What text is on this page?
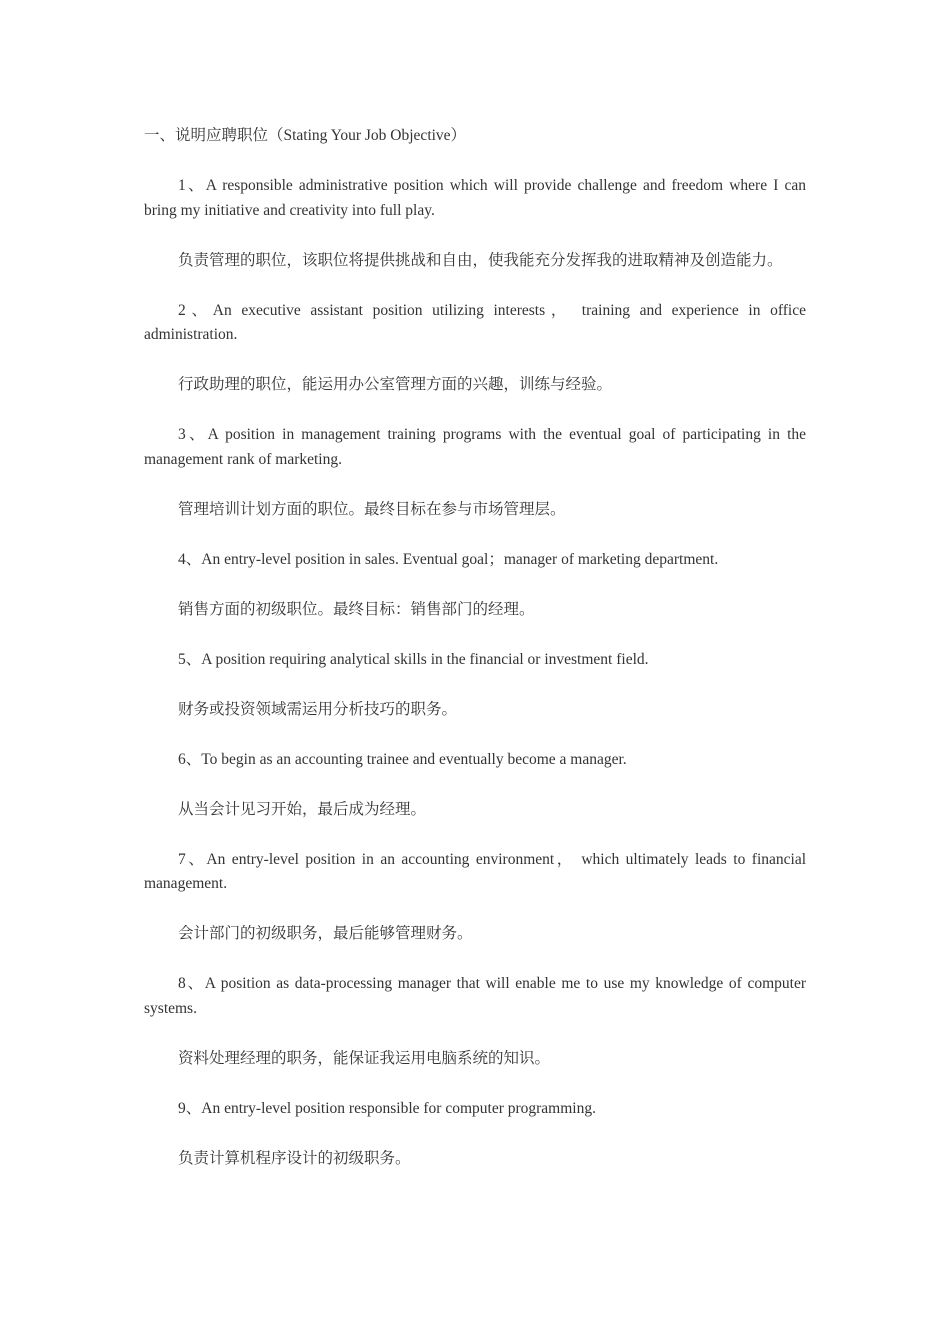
一、说明应聘职位（Stating Your Job Objective）

1、A responsible administrative position which will provide challenge and freedom where I can bring my initiative and creativity into full play.

负责管理的职位，该职位将提供挑战和自由，使我能充分发挥我的进取精神及创造能力。

2、An executive assistant position utilizing interests， training and experience in office administration.

行政助理的职位，能运用办公室管理方面的兴趣，训练与经验。

3、A position in management training programs with the eventual goal of participating in the management rank of marketing.

管理培训计划方面的职位。最终目标在参与市场管理层。

4、An entry-level position in sales. Eventual goal；manager of marketing department.

销售方面的初级职位。最终目标：销售部门的经理。

5、A position requiring analytical skills in the financial or investment field.

财务或投资领域需运用分析技巧的职务。

6、To begin as an accounting trainee and eventually become a manager.

从当会计见习开始，最后成为经理。

7、An entry-level position in an accounting environment， which ultimately leads to financial management.

会计部门的初级职务，最后能够管理财务。

8、A position as data-processing manager that will enable me to use my knowledge of computer systems.

资料处理经理的职务，能保证我运用电脑系统的知识。

9、An entry-level position responsible for computer programming.

负责计算机程序设计的初级职务。
